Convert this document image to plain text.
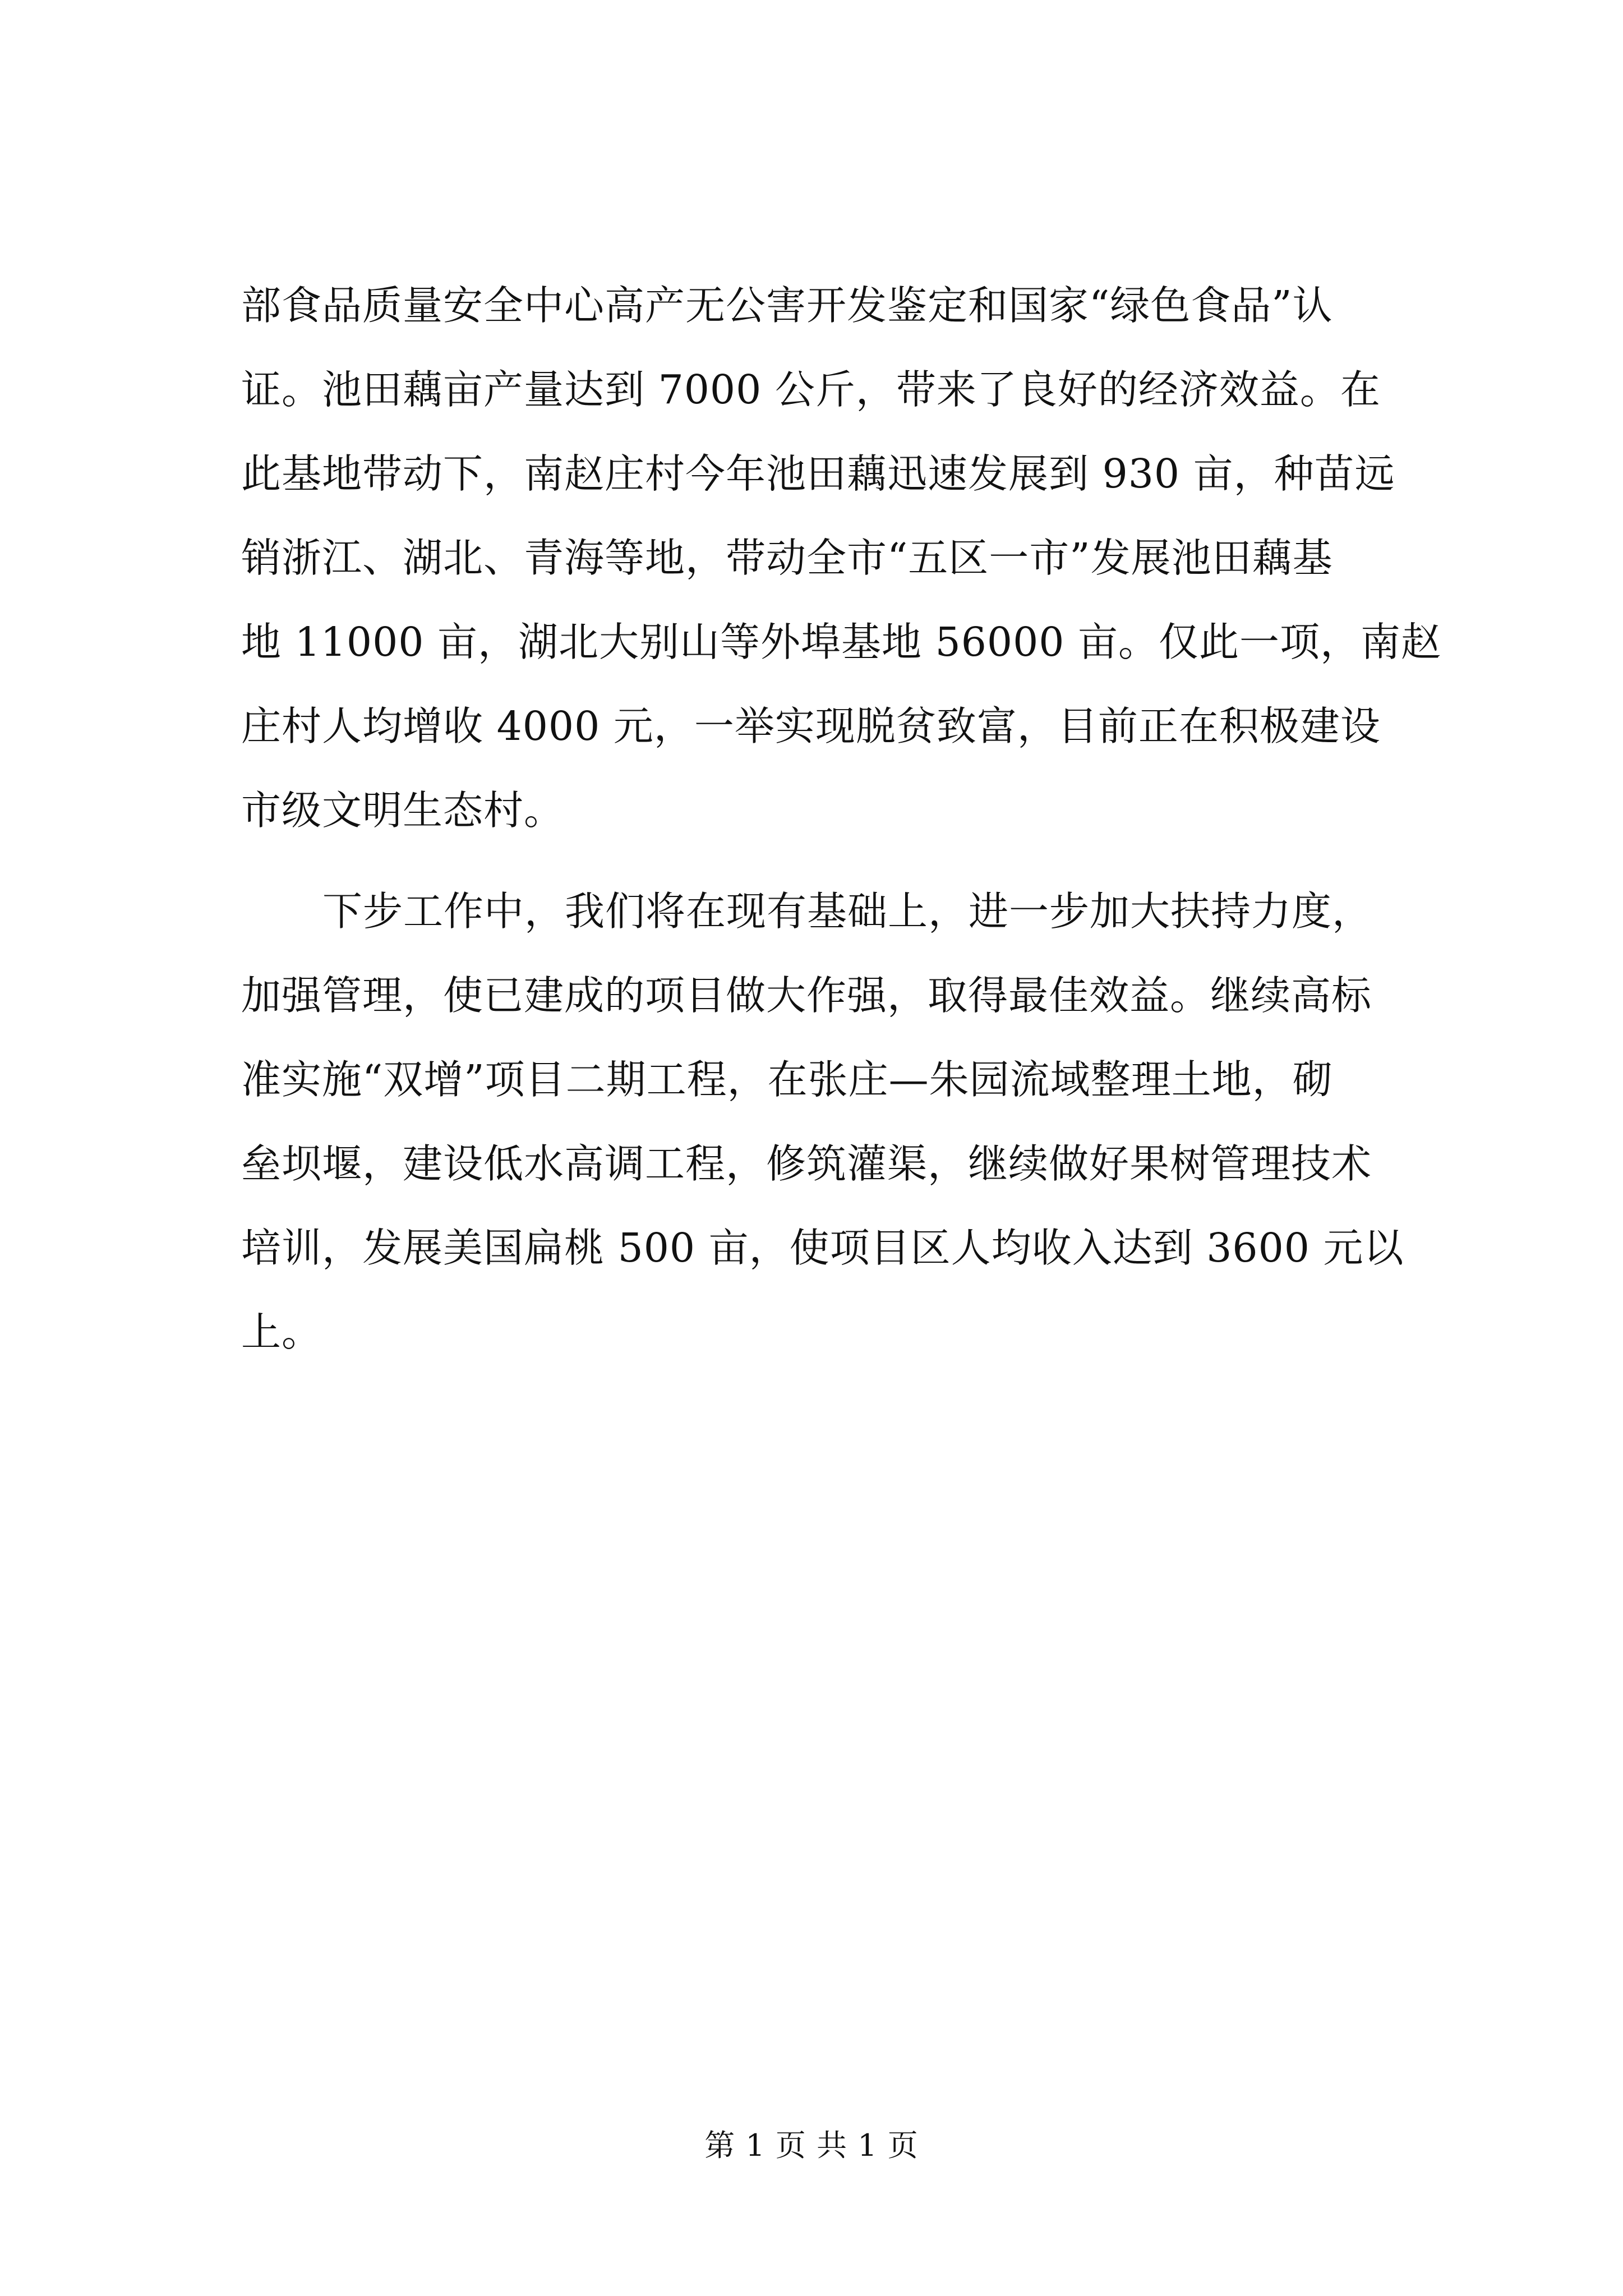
部食品质量安全中心高产无公害开发鉴定和国家“绿色食品”认
证。池田藕亩产量达到 7000 公斤，带来了良好的经济效益。在
此基地带动下，南赵庄村今年池田藕迅速发展到 930 亩，种苗远
销浙江、湖北、青海等地，带动全市“五区一市”发展池田藕基
地 11000 亩，湖北大别山等外埠基地 56000 亩。仅此一项，南赵
庄村人均增收 4000 元，一举实现脱贫致富，目前正在积极建设
市级文明生态村。
下步工作中，我们将在现有基础上，进一步加大扶持力度，
加强管理，使已建成的项目做大作强，取得最佳效益。继续高标
准实施“双增”项目二期工程，在张庄—朱园流域整理土地，砌
垒坝堰，建设低水高调工程，修筑灌渠，继续做好果树管理技术
培训，发展美国扁桃 500 亩，使项目区人均收入达到 3600 元以
上。
第 1 页 共 1 页
